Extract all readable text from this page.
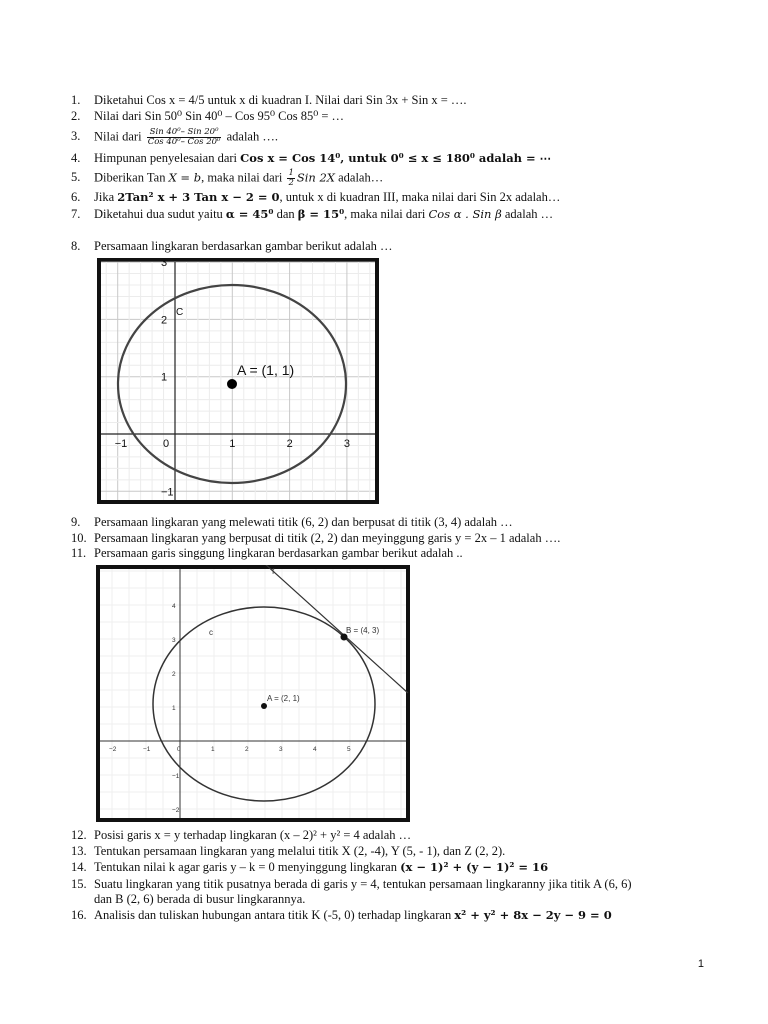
1. Diketahui Cos x = 4/5 untuk x di kuadran I. Nilai dari Sin 3x + Sin x = ….
2. Nilai dari Sin 50⁰ Sin 40⁰ – Cos 95⁰ Cos 85⁰ = …
3. Nilai dari $\frac{\text{Sin 40⁰– Sin 20⁰}}{\text{Cos 40⁰– Cos 20⁰}}$ adalah ….
4. Himpunan penyelesaian dari Cos x = Cos 14⁰, untuk 0⁰ ≤ x ≤ 180⁰ adalah = ⋯
5. Diberikan Tan X = b, maka nilai dari $\frac{1}{2}$ Sin 2X adalah…
6. Jika 2Tan² x + 3 Tan x − 2 = 0, untuk x di kuadran III, maka nilai dari Sin 2x adalah…
7. Diketahui dua sudut yaitu α = 45⁰ dan β = 15⁰, maka nilai dari Cos α . Sin β adalah …
8. Persamaan lingkaran berdasarkan gambar berikut adalah …
−1	0	1	2	3
3
2
1
−1
A = (1, 1)
C
9. Persamaan lingkaran yang melewati titik (6, 2) dan berpusat di titik (3, 4) adalah …
10. Persamaan lingkaran yang berpusat di titik (2, 2) dan meyinggung garis y = 2x – 1 adalah ….
11. Persamaan garis singgung lingkaran berdasarkan gambar berikut adalah ..
−2	−1	0	1	2	3	4	5
4
3
2
1
−1
−2
A = (2, 1)
B = (4, 3)
c
f
12. Posisi garis x = y terhadap lingkaran (x – 2)² + y² = 4 adalah …
13. Tentukan persamaan lingkaran yang melalui titik X (2, -4), Y (5, - 1), dan Z (2, 2).
14. Tentukan nilai k agar garis y – k = 0 menyinggung lingkaran (x − 1)² + (y − 1)² = 16
15. Suatu lingkaran yang titik pusatnya berada di garis y = 4, tentukan persamaan lingkaranny jika titik A (6, 6)
dan B (2, 6) berada di busur lingkarannya.
16. Analisis dan tuliskan hubungan antara titik K (-5, 0) terhadap lingkaran x² + y² + 8x − 2y − 9 = 0
1
